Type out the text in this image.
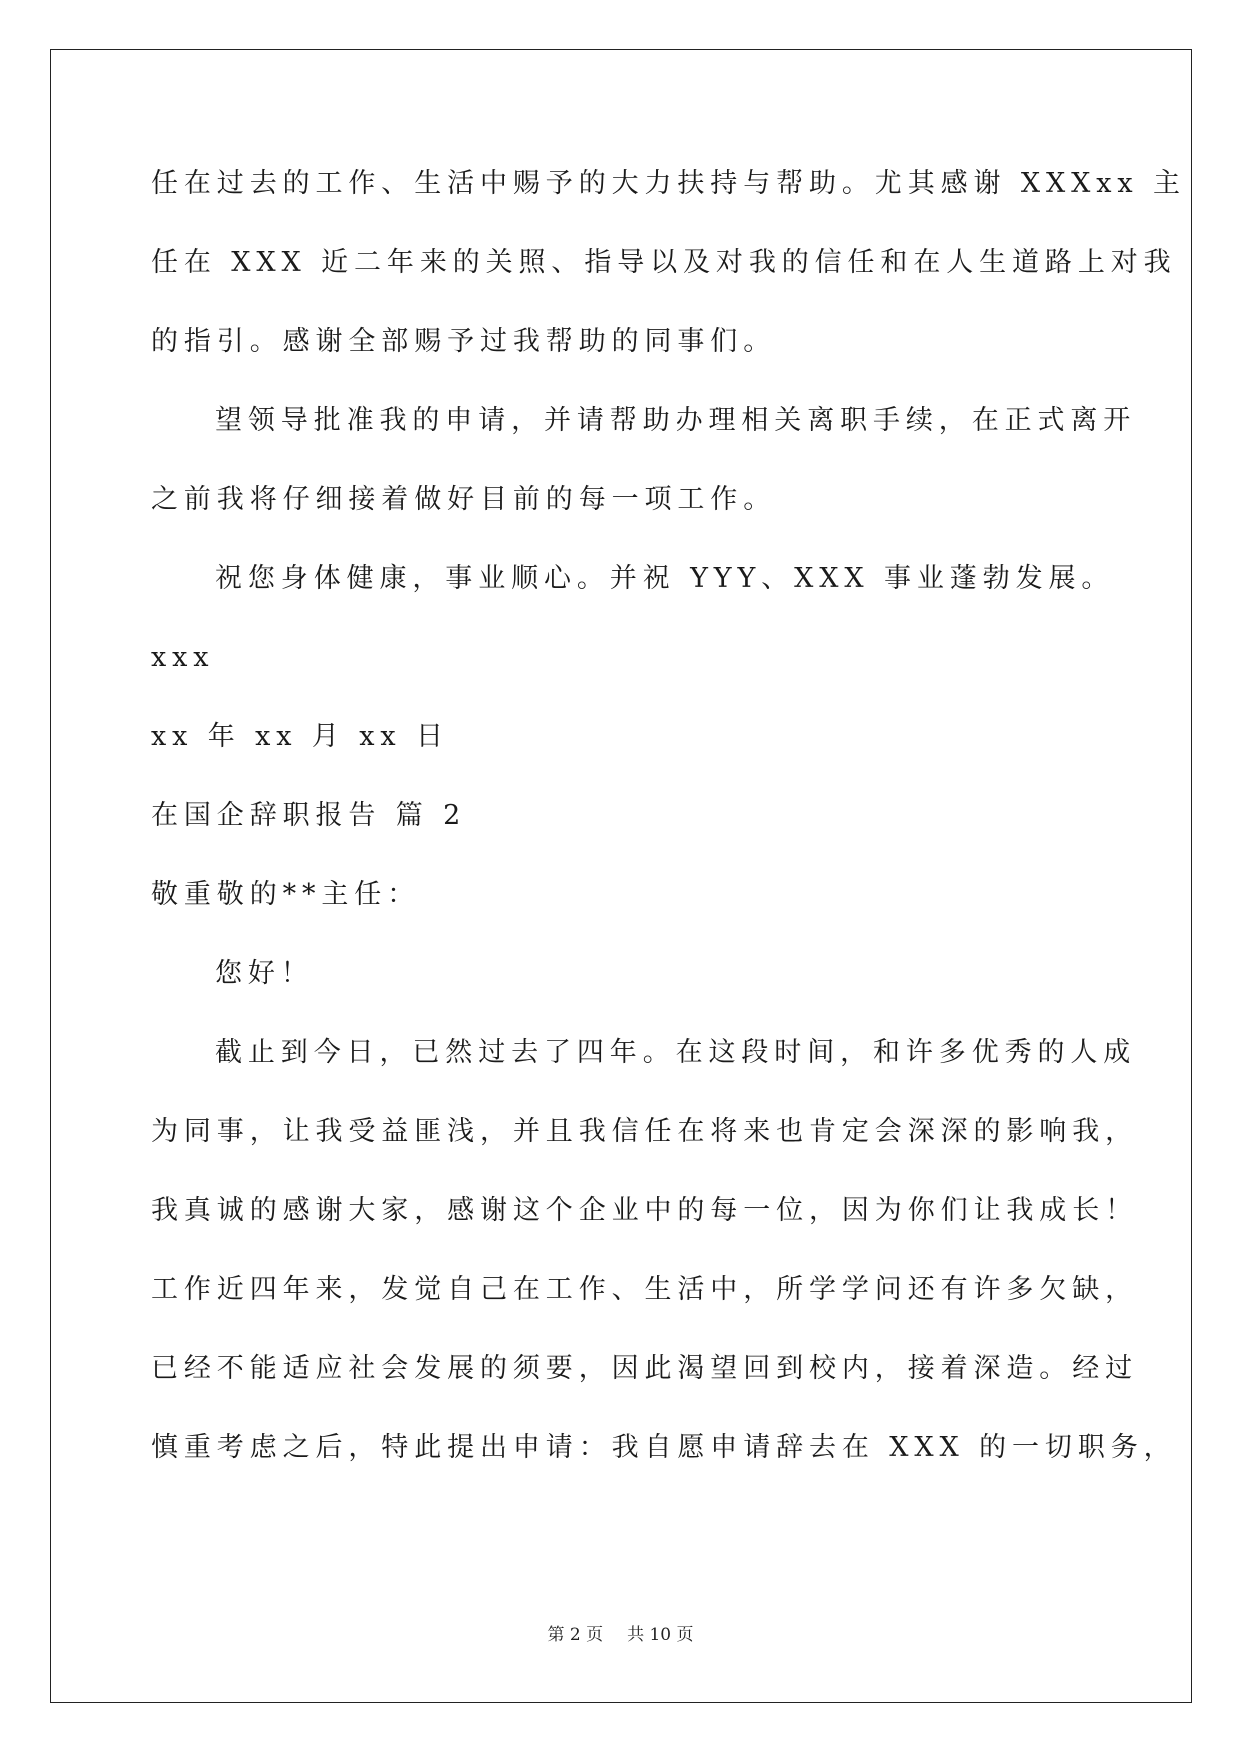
任在过去的工作、生活中赐予的大力扶持与帮助。尤其感谢 XXXxx 主
任在 XXX 近二年来的关照、指导以及对我的信任和在人生道路上对我
的指引。感谢全部赐予过我帮助的同事们。
望领导批准我的申请，并请帮助办理相关离职手续，在正式离开
之前我将仔细接着做好目前的每一项工作。
祝您身体健康，事业顺心。并祝 YYY、XXX 事业蓬勃发展。
xxx
xx 年 xx 月 xx 日
在国企辞职报告 篇 2
敬重敬的**主任：
您好！
截止到今日，已然过去了四年。在这段时间，和许多优秀的人成
为同事，让我受益匪浅，并且我信任在将来也肯定会深深的影响我，
我真诚的感谢大家，感谢这个企业中的每一位，因为你们让我成长！
工作近四年来，发觉自己在工作、生活中，所学学问还有许多欠缺，
已经不能适应社会发展的须要，因此渴望回到校内，接着深造。经过
慎重考虑之后，特此提出申请：我自愿申请辞去在 XXX 的一切职务，
第 2 页 共 10 页
